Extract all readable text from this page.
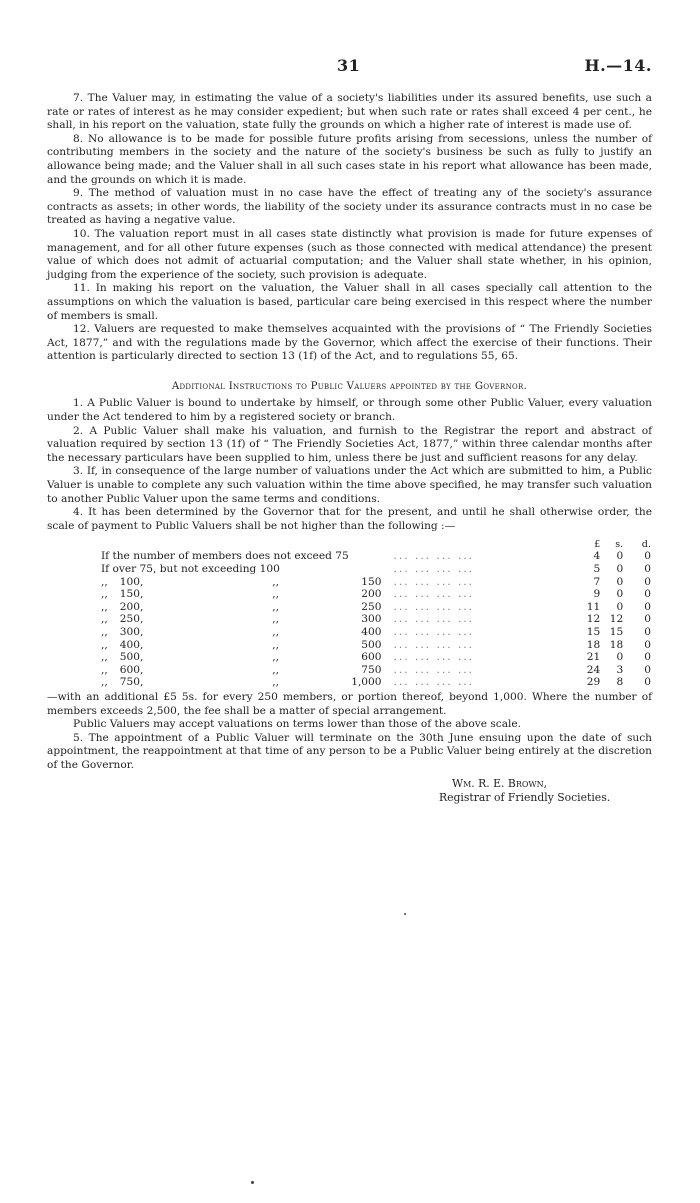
31	H.—14.

7. The Valuer may, in estimating the value of a society's liabilities under its assured benefits, use such a rate or rates of interest as he may consider expedient; but when such rate or rates shall exceed 4 per cent., he shall, in his report on the valuation, state fully the grounds on which a higher rate of interest is made use of.

8. No allowance is to be made for possible future profits arising from secessions, unless the number of contributing members in the society and the nature of the society's business be such as fully to justify an allowance being made; and the Valuer shall in all such cases state in his report what allowance has been made, and the grounds on which it is made.

9. The method of valuation must in no case have the effect of treating any of the society's assurance contracts as assets; in other words, the liability of the society under its assurance contracts must in no case be treated as having a negative value.

10. The valuation report must in all cases state distinctly what provision is made for future expenses of management, and for all other future expenses (such as those connected with medical attendance) the present value of which does not admit of actuarial computation; and the Valuer shall state whether, in his opinion, judging from the experience of the society, such provision is adequate.

11. In making his report on the valuation, the Valuer shall in all cases specially call attention to the assumptions on which the valuation is based, particular care being exercised in this respect where the number of members is small.

12. Valuers are requested to make themselves acquainted with the provisions of “ The Friendly Societies Act, 1877,” and with the regulations made by the Governor, which affect the exercise of their functions. Their attention is particularly directed to section 13 (1f) of the Act, and to regulations 55, 65.

Additional Instructions to Public Valuers appointed by the Governor.

1. A Public Valuer is bound to undertake by himself, or through some other Public Valuer, every valuation under the Act tendered to him by a registered society or branch.

2. A Public Valuer shall make his valuation, and furnish to the Registrar the report and abstract of valuation required by section 13 (1f) of “ The Friendly Societies Act, 1877,” within three calendar months after the necessary particulars have been supplied to him, unless there be just and sufficient reasons for any delay.

3. If, in consequence of the large number of valuations under the Act which are submitted to him, a Public Valuer is unable to complete any such valuation within the time above specified, he may transfer such valuation to another Public Valuer upon the same terms and conditions.

4. It has been determined by the Governor that for the present, and until he shall otherwise order, the scale of payment to Public Valuers shall be not higher than the following :—

				£	s.	d.
If the number of members does not exceed 75			... ... ... ...	4	0	0
If over 75, but not exceeding 100			... ... ... ...	5	0	0
,, 100,	,,	150	... ... ... ...	7	0	0
,, 150,	,,	200	... ... ... ...	9	0	0
,, 200,	,,	250	... ... ... ...	11	0	0
,, 250,	,,	300	... ... ... ...	12	12	0
,, 300,	,,	400	... ... ... ...	15	15	0
,, 400,	,,	500	... ... ... ...	18	18	0
,, 500,	,,	600	... ... ... ...	21	0	0
,, 600,	,,	750	... ... ... ...	24	3	0
,, 750,	,,	1,000	... ... ... ...	29	8	0

—with an additional £5 5s. for every 250 members, or portion thereof, beyond 1,000. Where the number of members exceeds 2,500, the fee shall be a matter of special arrangement.

Public Valuers may accept valuations on terms lower than those of the above scale.

5. The appointment of a Public Valuer will terminate on the 30th June ensuing upon the date of such appointment, the reappointment at that time of any person to be a Public Valuer being entirely at the discretion of the Governor.

Wm. R. E. Brown,
Registrar of Friendly Societies.
